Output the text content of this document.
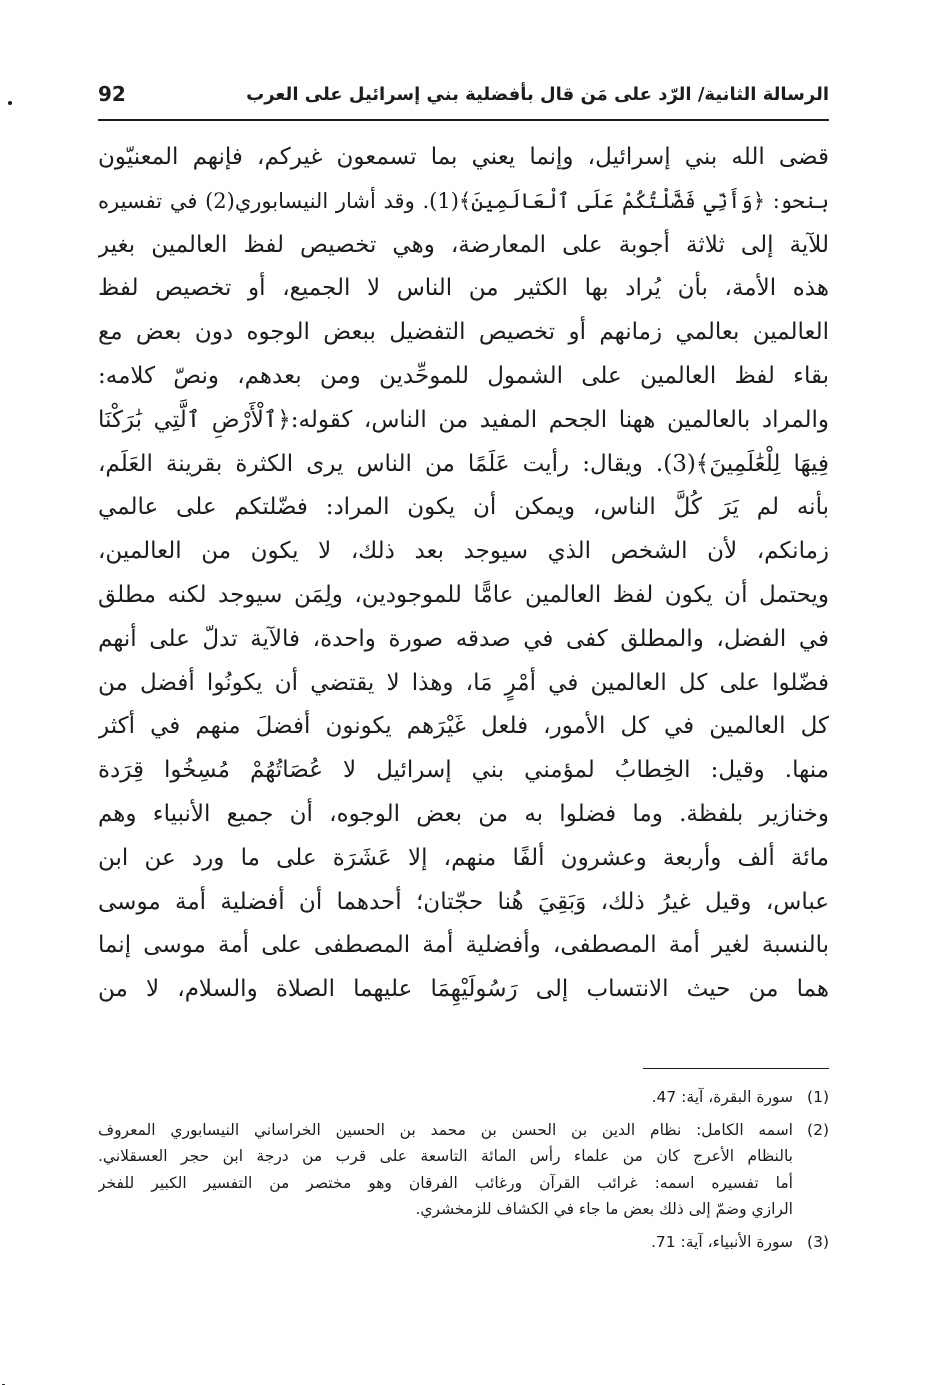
الرسالة الثانية/ الرّد على مَن قال بأفضلية بني إسرائيل على العرب
92
قضى الله بني إسرائيل، وإنما يعني بما تسمعون غيركم، فإنهم المعنيّون
بنحو: ﴿وَأَنِّي فَضَّلْتُكُمْ عَلَى ٱلْعَالَمِينَ﴾(1). وقد أشار النيسابوري(2) في تفسيره
للآية إلى ثلاثة أجوبة على المعارضة، وهي تخصيص لفظ العالمين بغير
هذه الأمة، بأن يُراد بها الكثير من الناس لا الجميع، أو تخصيص لفظ
العالمين بعالمي زمانهم أو تخصيص التفضيل ببعض الوجوه دون بعض مع
بقاء لفظ العالمين على الشمول للموحِّدين ومن بعدهم، ونصّ كلامه:
والمراد بالعالمين ههنا الجحم المفيد من الناس، كقوله:﴿ٱلْأَرْضِ ٱلَّتِي بَٰرَكْنَا
فِيهَا لِلْعَٰلَمِينَ﴾(3). ويقال: رأيت عَلَمًا من الناس يرى الكثرة بقرينة العَلَم،
بأنه لم يَرَ كُلَّ الناس، ويمكن أن يكون المراد: فضّلتكم على عالمي
زمانكم، لأن الشخص الذي سيوجد بعد ذلك، لا يكون من العالمين،
ويحتمل أن يكون لفظ العالمين عامًّا للموجودين، ولِمَن سيوجد لكنه مطلق
في الفضل، والمطلق كفى في صدقه صورة واحدة، فالآية تدلّ على أنهم
فضّلوا على كل العالمين في أمْرٍ مَا، وهذا لا يقتضي أن يكونُوا أفضل من
كل العالمين في كل الأمور، فلعل غَيْرَهم يكونون أفضلَ منهم في أكثر
منها. وقيل: الخِطابُ لمؤمني بني إسرائيل لا عُصَاتُهُمْ مُسِخُوا قِرَدة
وخنازير بلفظة. وما فضلوا به من بعض الوجوه، أن جميع الأنبياء وهم
مائة ألف وأربعة وعشرون ألفًا منهم، إلا عَشَرَة على ما ورد عن ابن
عباس، وقيل غيرُ ذلك، وَبَقِيَ هُنا حجّتان؛ أحدهما أن أفضلية أمة موسى
بالنسبة لغير أمة المصطفى، وأفضلية أمة المصطفى على أمة موسى إنما
هما من حيث الانتساب إلى رَسُولَيْهِمَا عليهما الصلاة والسلام، لا من
(1)
سورة البقرة، آية: 47.
(2)
اسمه الكامل: نظام الدين بن الحسن بن محمد بن الحسين الخراساني النيسابوري المعروف
بالنظام الأعرج كان من علماء رأس المائة التاسعة على قرب من درجة ابن حجر العسقلاني.
أما تفسيره اسمه: غرائب القرآن ورغائب الفرقان وهو مختصر من التفسير الكبير للفخر
الرازي وضمّ إلى ذلك بعض ما جاء في الكشاف للزمخشري.
(3)
سورة الأنبياء، آية: 71.
